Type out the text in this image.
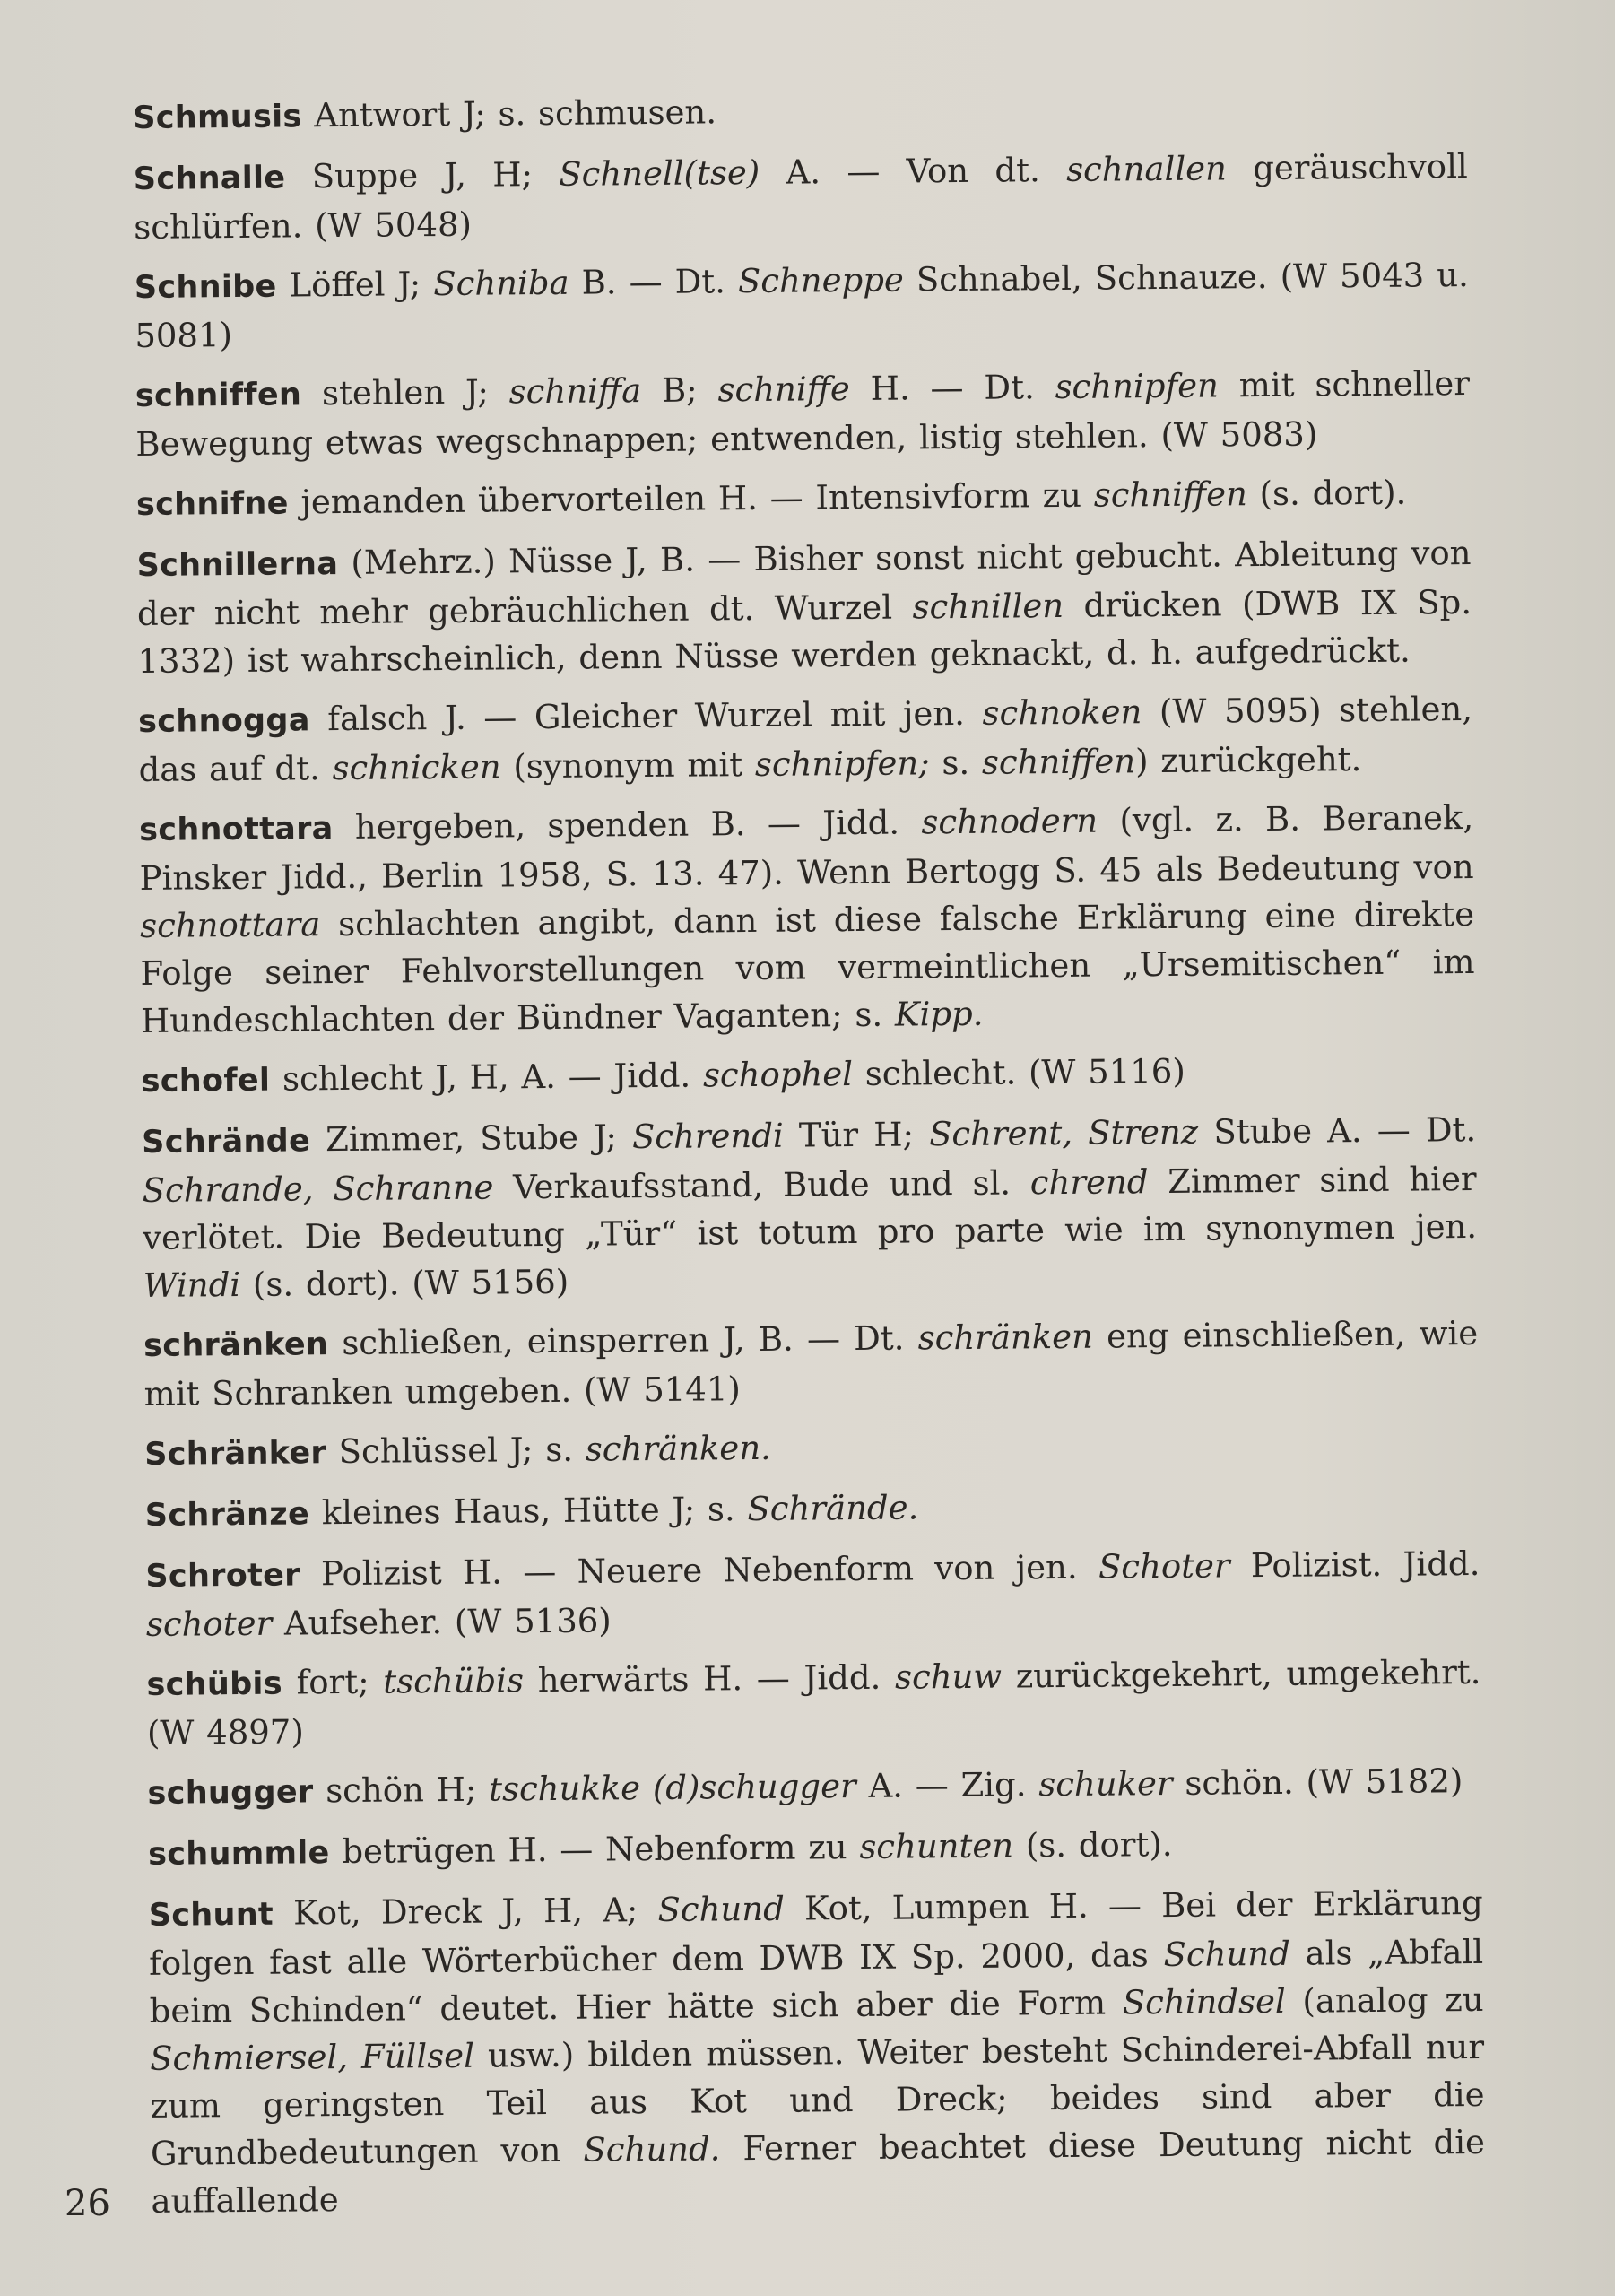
Schmusis Antwort J; s. schmusen.

Schnalle Suppe J, H; Schnell(tse) A. — Von dt. schnallen geräuschvoll schlürfen. (W 5048)

Schnibe Löffel J; Schniba B. — Dt. Schneppe Schnabel, Schnauze. (W 5043 u. 5081)

schniffen stehlen J; schniffa B; schniffe H. — Dt. schnipfen mit schneller Bewegung etwas wegschnappen; entwenden, listig stehlen. (W 5083)

schnifne jemanden übervorteilen H. — Intensivform zu schniffen (s. dort).

Schnillerna (Mehrz.) Nüsse J, B. — Bisher sonst nicht gebucht. Ableitung von der nicht mehr gebräuchlichen dt. Wurzel schnillen drücken (DWB IX Sp. 1332) ist wahrscheinlich, denn Nüsse werden geknackt, d. h. aufgedrückt.

schnogga falsch J. — Gleicher Wurzel mit jen. schnoken (W 5095) stehlen, das auf dt. schnicken (synonym mit schnipfen; s. schniffen) zurückgeht.

schnottara hergeben, spenden B. — Jidd. schnodern (vgl. z. B. Beranek, Pinsker Jidd., Berlin 1958, S. 13. 47). Wenn Bertogg S. 45 als Bedeutung von schnottara schlachten angibt, dann ist diese falsche Erklärung eine direkte Folge seiner Fehlvorstellungen vom vermeintlichen „Ursemitischen“ im Hundeschlachten der Bündner Vaganten; s. Kipp.

schofel schlecht J, H, A. — Jidd. schophel schlecht. (W 5116)

Schrände Zimmer, Stube J; Schrendi Tür H; Schrent, Strenz Stube A. — Dt. Schrande, Schranne Verkaufsstand, Bude und sl. chrend Zimmer sind hier verlötet. Die Bedeutung „Tür“ ist totum pro parte wie im synonymen jen. Windi (s. dort). (W 5156)

schränken schließen, einsperren J, B. — Dt. schränken eng einschließen, wie mit Schranken umgeben. (W 5141)

Schränker Schlüssel J; s. schränken.

Schränze kleines Haus, Hütte J; s. Schrände.

Schroter Polizist H. — Neuere Nebenform von jen. Schoter Polizist. Jidd. schoter Aufseher. (W 5136)

schübis fort; tschübis herwärts H. — Jidd. schuw zurückgekehrt, umgekehrt. (W 4897)

schugger schön H; tschukke (d)schugger A. — Zig. schuker schön. (W 5182)

schummle betrügen H. — Nebenform zu schunten (s. dort).

Schunt Kot, Dreck J, H, A; Schund Kot, Lumpen H. — Bei der Erklärung folgen fast alle Wörterbücher dem DWB IX Sp. 2000, das Schund als „Abfall beim Schinden“ deutet. Hier hätte sich aber die Form Schindsel (analog zu Schmiersel, Füllsel usw.) bilden müssen. Weiter besteht Schinderei-Abfall nur zum geringsten Teil aus Kot und Dreck; beides sind aber die Grundbedeutungen von Schund. Ferner beachtet diese Deutung nicht die auffallende

26
